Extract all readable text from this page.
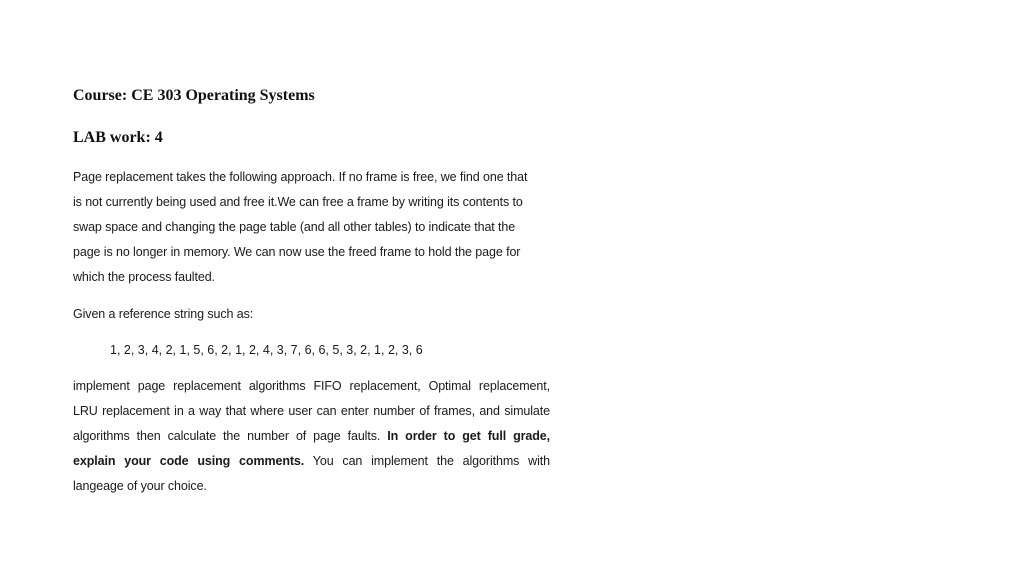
Course: CE 303 Operating Systems
LAB work: 4
Page replacement takes the following approach. If no frame is free, we find one that
is not currently being used and free it.We can free a frame by writing its contents to
swap space and changing the page table (and all other tables) to indicate that the
page is no longer in memory. We can now use the freed frame to hold the page for
which the process faulted.
Given a reference string such as:
1, 2, 3, 4, 2, 1, 5, 6, 2, 1, 2, 4, 3, 7, 6, 6, 5, 3, 2, 1, 2, 3, 6
implement page replacement algorithms FIFO replacement, Optimal replacement,
LRU replacement in a way that where user can enter number of frames, and simulate
algorithms then calculate the number of page faults. In order to get full grade,
explain your code using comments. You can implement the algorithms with
langeage of your choice.
